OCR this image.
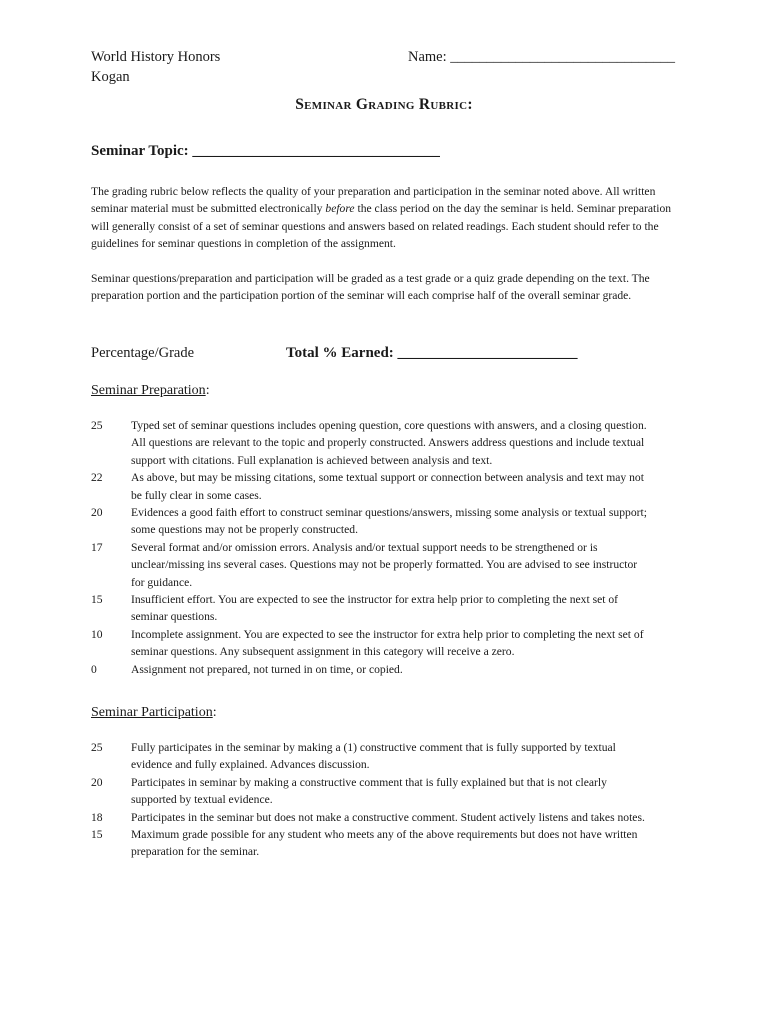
World History Honors
Kogan
Name: _______________________________
Seminar Grading Rubric:
Seminar Topic: _________________________________
The grading rubric below reflects the quality of your preparation and participation in the seminar noted above. All written seminar material must be submitted electronically before the class period on the day the seminar is held. Seminar preparation will generally consist of a set of seminar questions and answers based on related readings. Each student should refer to the guidelines for seminar questions in completion of the assignment.
Seminar questions/preparation and participation will be graded as a test grade or a quiz grade depending on the text. The preparation portion and the participation portion of the seminar will each comprise half of the overall seminar grade.
Percentage/Grade	Total % Earned: ________________________
Seminar Preparation:
25	Typed set of seminar questions includes opening question, core questions with answers, and a closing question. All questions are relevant to the topic and properly constructed. Answers address questions and include textual support with citations. Full explanation is achieved between analysis and text.
22	As above, but may be missing citations, some textual support or connection between analysis and text may not be fully clear in some cases.
20	Evidences a good faith effort to construct seminar questions/answers, missing some analysis or textual support; some questions may not be properly constructed.
17	Several format and/or omission errors. Analysis and/or textual support needs to be strengthened or is unclear/missing ins several cases. Questions may not be properly formatted. You are advised to see instructor for guidance.
15	Insufficient effort. You are expected to see the instructor for extra help prior to completing the next set of seminar questions.
10	Incomplete assignment. You are expected to see the instructor for extra help prior to completing the next set of seminar questions. Any subsequent assignment in this category will receive a zero.
0	Assignment not prepared, not turned in on time, or copied.
Seminar Participation:
25	Fully participates in the seminar by making a (1) constructive comment that is fully supported by textual evidence and fully explained. Advances discussion.
20	Participates in seminar by making a constructive comment that is fully explained but that is not clearly supported by textual evidence.
18	Participates in the seminar but does not make a constructive comment. Student actively listens and takes notes.
15	Maximum grade possible for any student who meets any of the above requirements but does not have written preparation for the seminar.
